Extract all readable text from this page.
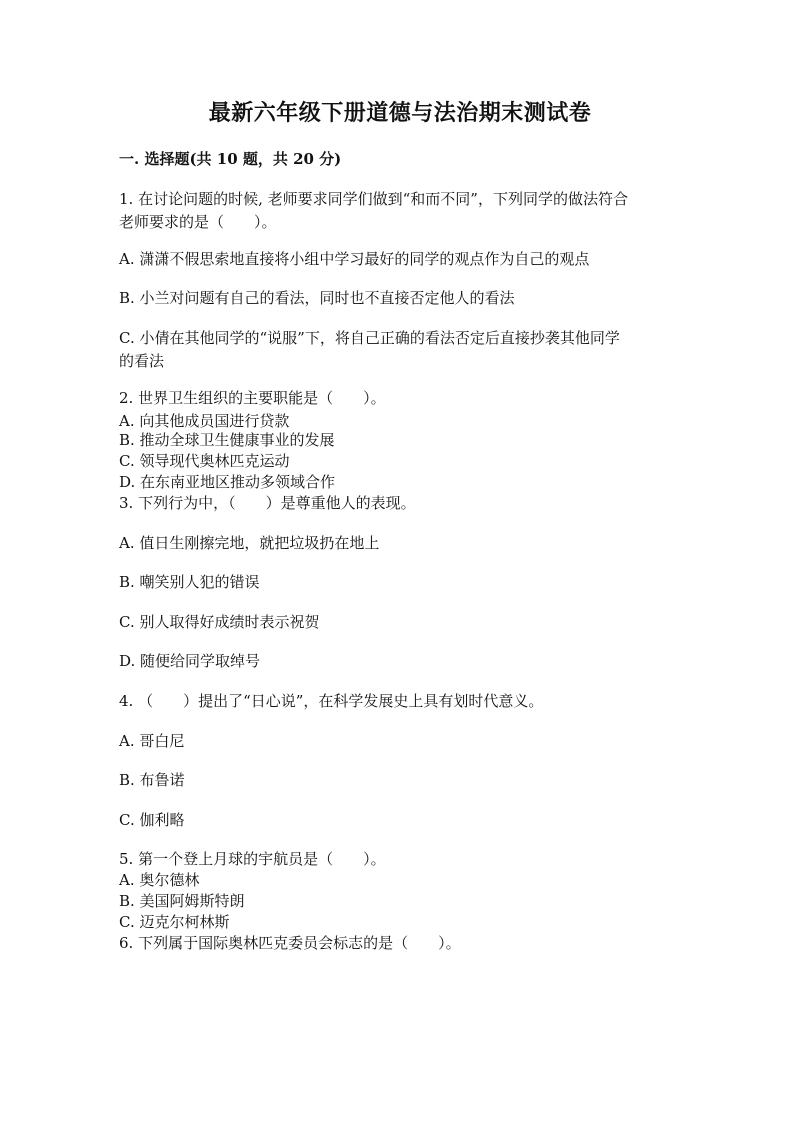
最新六年级下册道德与法治期末测试卷
一. 选择题(共 10 题，共 20 分)
1. 在讨论问题的时候, 老师要求同学们做到“和而不同”，下列同学的做法符合
老师要求的是（　　）。
A. 潇潇不假思索地直接将小组中学习最好的同学的观点作为自己的观点
B. 小兰对问题有自己的看法，同时也不直接否定他人的看法
C. 小倩在其他同学的“说服”下，将自己正确的看法否定后直接抄袭其他同学
的看法
2. 世界卫生组织的主要职能是（　　）。
A. 向其他成员国进行贷款
B. 推动全球卫生健康事业的发展
C. 领导现代奥林匹克运动
D. 在东南亚地区推动多领域合作
3. 下列行为中，（　　）是尊重他人的表现。
A. 值日生刚擦完地，就把垃圾扔在地上
B. 嘲笑别人犯的错误
C. 别人取得好成绩时表示祝贺
D. 随便给同学取绰号
4. （　　）提出了“日心说”，在科学发展史上具有划时代意义。
A. 哥白尼
B. 布鲁诺
C. 伽利略
5. 第一个登上月球的宇航员是（　　）。
A. 奥尔德林
B. 美国阿姆斯特朗
C. 迈克尔柯林斯
6. 下列属于国际奥林匹克委员会标志的是（　　）。
